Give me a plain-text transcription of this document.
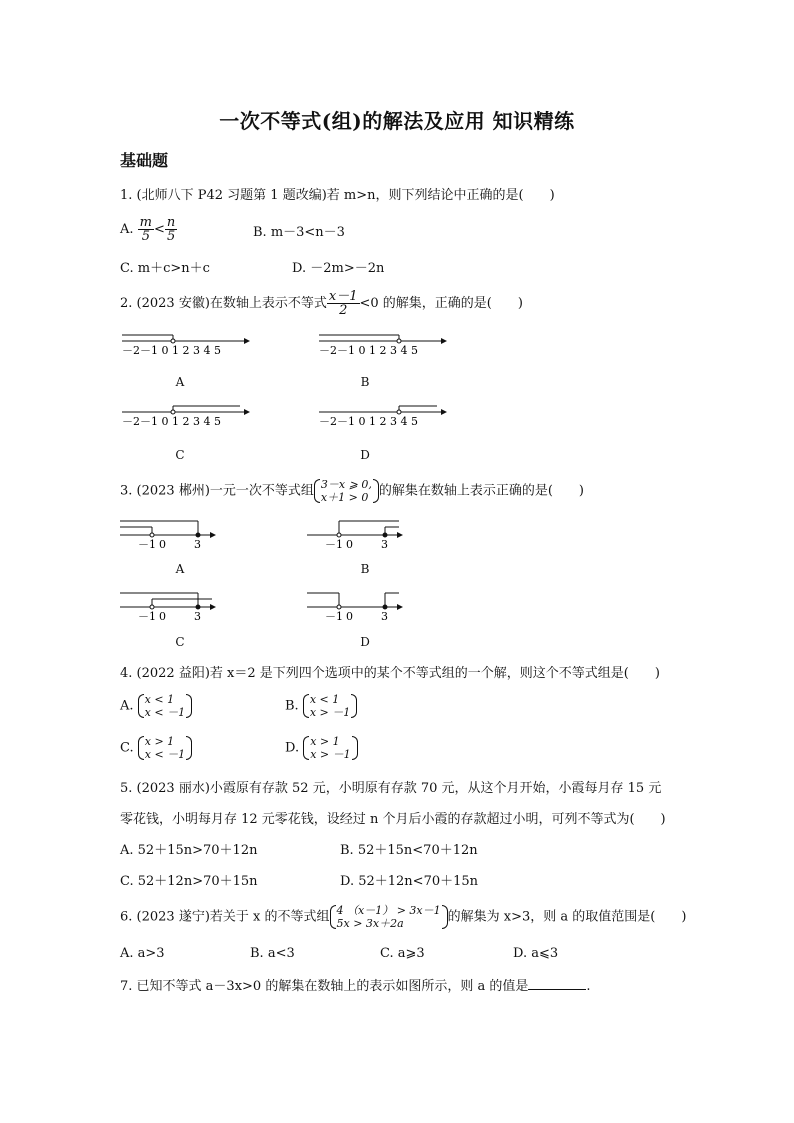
一次不等式(组)的解法及应用 知识精练
基础题
1. (北师八下 P42 习题第 1 题改编)若 m>n，则下列结论中正确的是(　　)
A. $\frac{m}{5} < \frac{n}{5}$	B. m－3<n－3
C. m＋c>n＋c	D. －2m>－2n
2. (2023 安徽)在数轴上表示不等式 $\frac{x-1}{2} <0$ 的解集，正确的是(　　)
－2－1 0 1 2 3 4 5	－2－1 0 1 2 3 4 5
A	B
－2－1 0 1 2 3 4 5	－2－1 0 1 2 3 4 5
C	D
3. (2023 郴州)一元一次不等式组 3－x ⩾ 0,
x＋1 > 0 的解集在数轴上表示正确的是(　　)
－1 0	3	－1 0	3
A	B
－1 0	3	－1 0	3
C	D
4. (2022 益阳)若 x＝2 是下列四个选项中的某个不等式组的一个解，则这个不等式组是(　　)
A. x < 1
x < －1	B. x < 1
x > －1
C. x > 1
x < －1	D. x > 1
x > －1
5. (2023 丽水)小霞原有存款 52 元，小明原有存款 70 元，从这个月开始，小霞每月存 15 元
零花钱，小明每月存 12 元零花钱，设经过 n 个月后小霞的存款超过小明，可列不等式为(　　)
A. 52＋15n>70＋12n	B. 52＋15n<70＋12n
C. 52＋12n>70＋15n	D. 52＋12n<70＋15n
6. (2023 遂宁)若关于 x 的不等式组 4 （x－1） > 3x－1
5x > 3x＋2a	的解集为 x>3，则 a 的取值范围是(　　)
A. a>3	B. a<3	C. a⩾3	D. a⩽3
7. 已知不等式 a－3x>0 的解集在数轴上的表示如图所示，则 a 的值是	.
